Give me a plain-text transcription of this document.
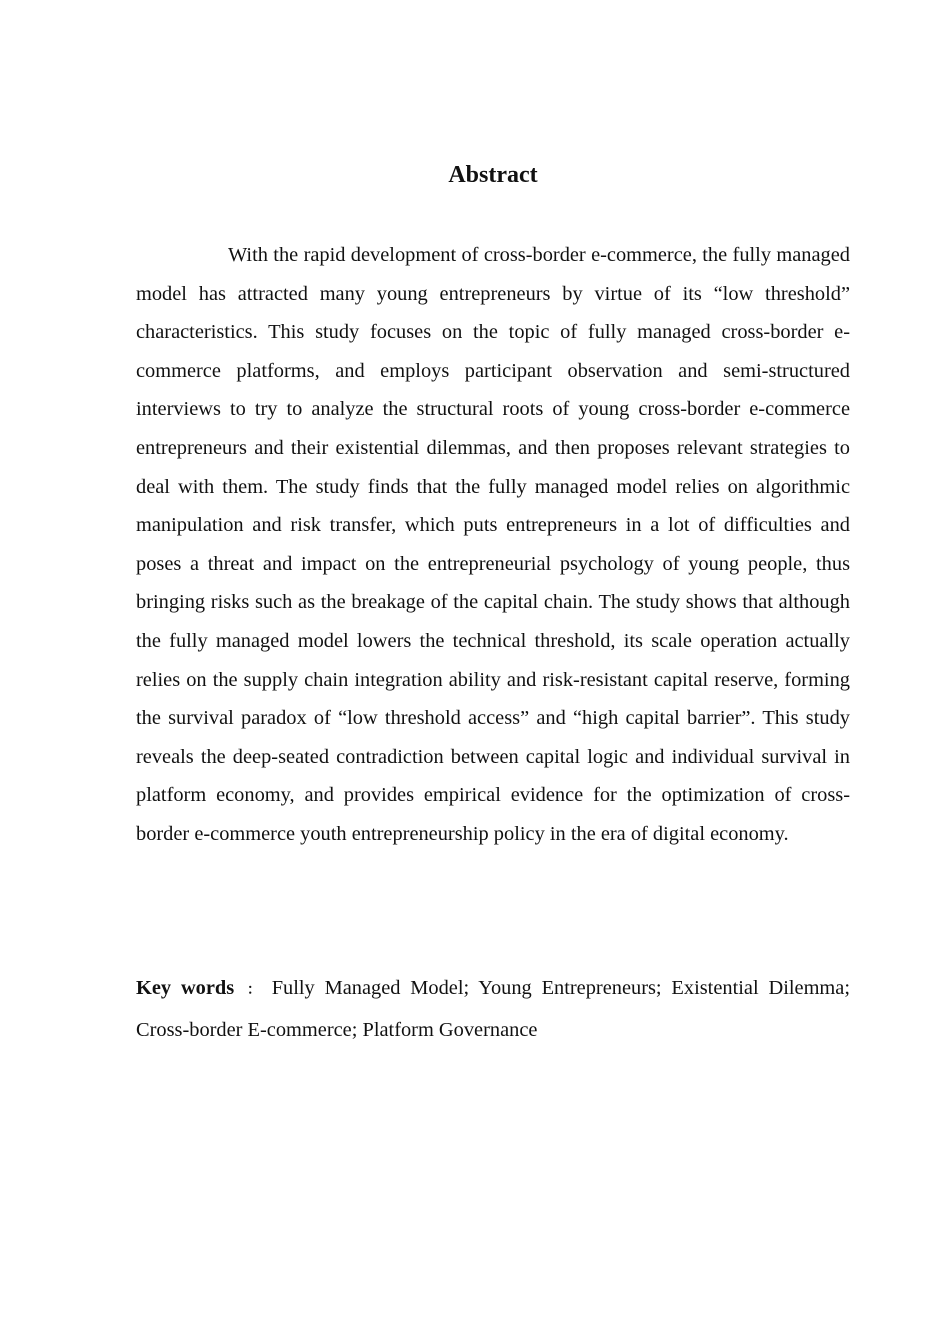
Abstract

With the rapid development of cross-border e-commerce, the fully managed model has attracted many young entrepreneurs by virtue of its “low threshold” characteristics. This study focuses on the topic of fully managed cross-border e-commerce platforms, and employs participant observation and semi-structured interviews to try to analyze the structural roots of young cross-border e-commerce entrepreneurs and their existential dilemmas, and then proposes relevant strategies to deal with them. The study finds that the fully managed model relies on algorithmic manipulation and risk transfer, which puts entrepreneurs in a lot of difficulties and poses a threat and impact on the entrepreneurial psychology of young people, thus bringing risks such as the breakage of the capital chain. The study shows that although the fully managed model lowers the technical threshold, its scale operation actually relies on the supply chain integration ability and risk-resistant capital reserve, forming the survival paradox of “low threshold access” and “high capital barrier”. This study reveals the deep-seated contradiction between capital logic and individual survival in platform economy, and provides empirical evidence for the optimization of cross-border e-commerce youth entrepreneurship policy in the era of digital economy.

Key words ： Fully Managed Model; Young Entrepreneurs; Existential Dilemma; Cross-border E-commerce; Platform Governance
